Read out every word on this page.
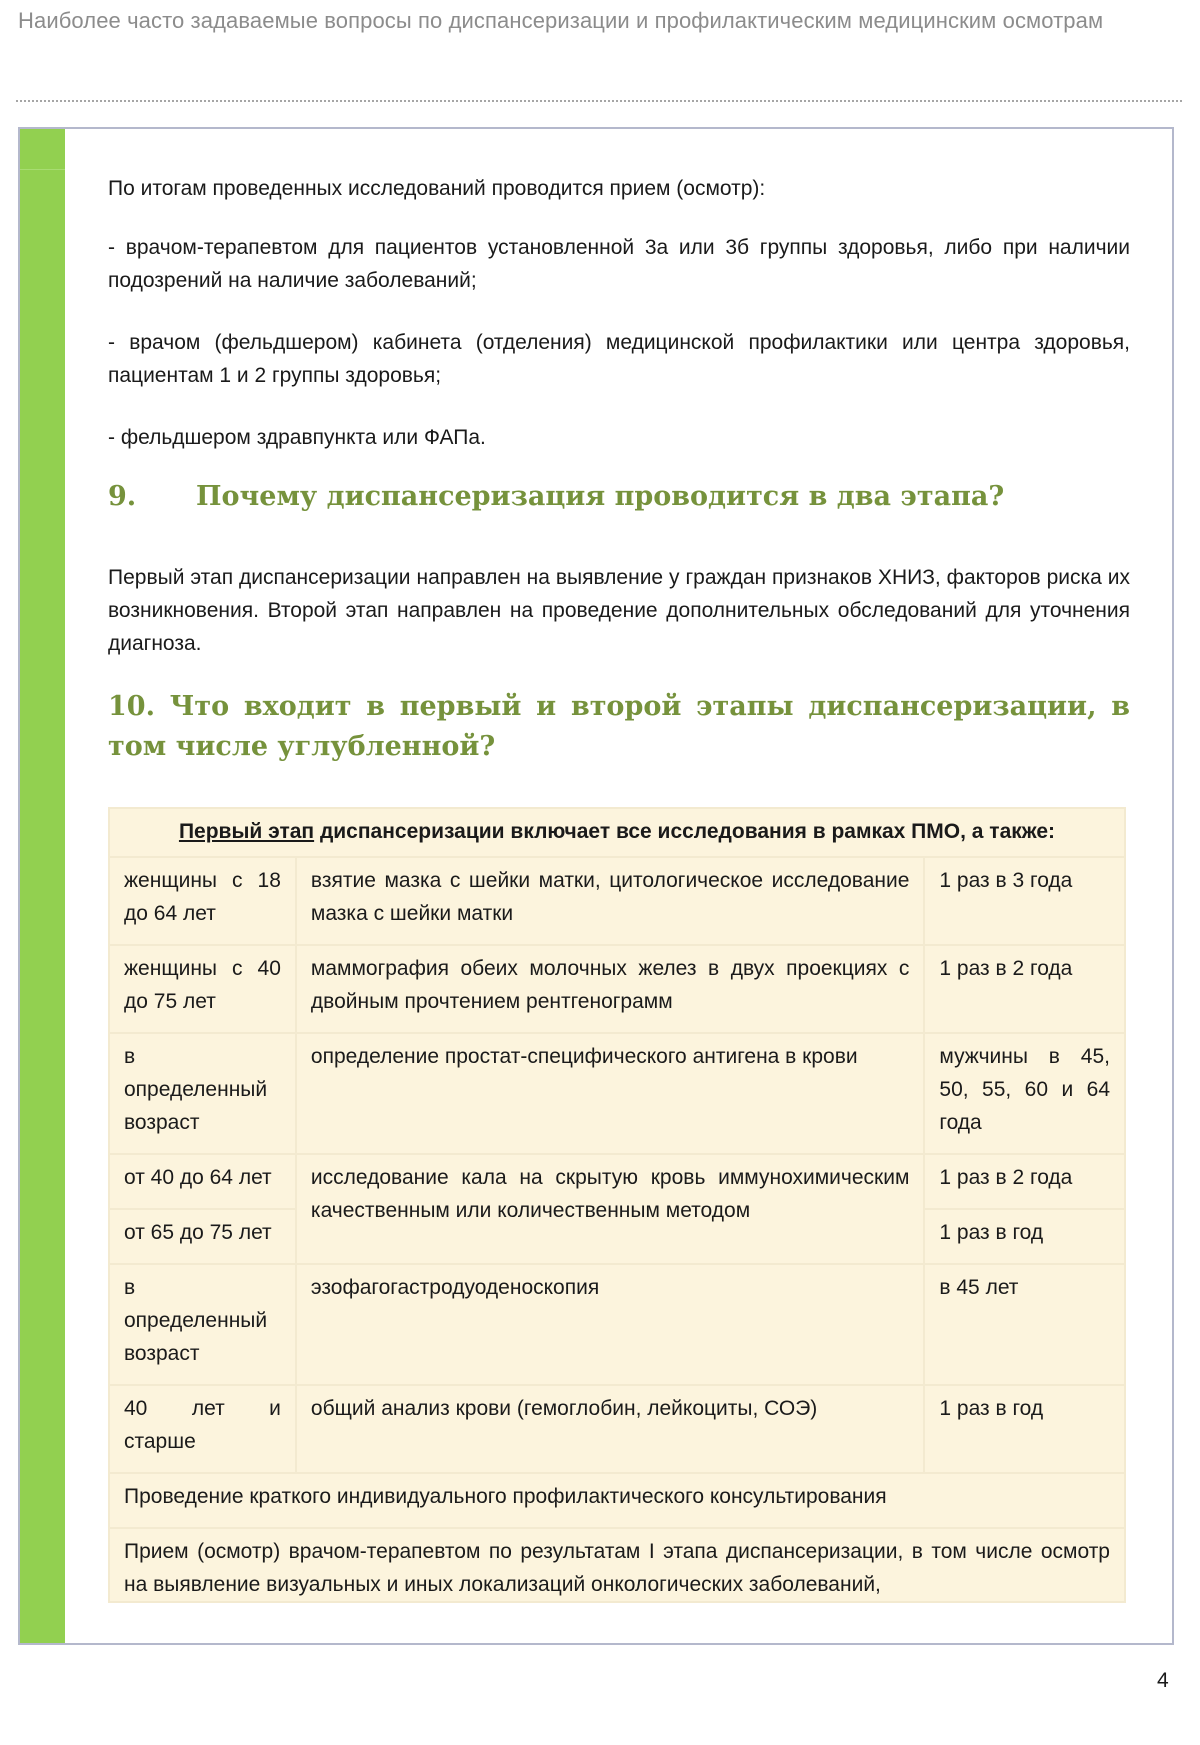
Наиболее часто задаваемые вопросы по диспансеризации и профилактическим медицинским осмотрам
По итогам проведенных исследований проводится прием (осмотр):
- врачом-терапевтом для пациентов установленной 3а или 3б группы здоровья, либо при наличии подозрений на наличие заболеваний;
- врачом (фельдшером) кабинета (отделения) медицинской профилактики или центра здоровья, пациентам 1 и 2 группы здоровья;
- фельдшером здравпункта или ФАПа.
9. Почему диспансеризация проводится в два этапа?
Первый этап диспансеризации направлен на выявление у граждан признаков ХНИЗ, факторов риска их возникновения. Второй этап направлен на проведение дополнительных обследований для уточнения диагноза.
10. Что входит в первый и второй этапы диспансеризации, в том числе углубленной?
Первый этап диспансеризации включает все исследования в рамках ПМО, а также:		
женщины с 18 до 64 лет	взятие мазка с шейки матки, цитологическое исследование мазка с шейки матки	1 раз в 3 года
женщины с 40 до 75 лет	маммография обеих молочных желез в двух проекциях с двойным прочтением рентгенограмм	1 раз в 2 года
в определенный возраст	определение простат-специфического антигена в крови	мужчины в 45, 50, 55, 60 и 64 года
от 40 до 64 лет	исследование кала на скрытую кровь иммунохимическим качественным или количественным методом	1 раз в 2 года
от 65 до 75 лет		1 раз в год
в определенный возраст	эзофагогастродуоденоскопия	в 45 лет
40 лет и старше	общий анализ крови (гемоглобин, лейкоциты, СОЭ)	1 раз в год
Проведение краткого индивидуального профилактического консультирования		
Прием (осмотр) врачом-терапевтом по результатам I этапа диспансеризации, в том числе осмотр на выявление визуальных и иных локализаций онкологических заболеваний,		
4
